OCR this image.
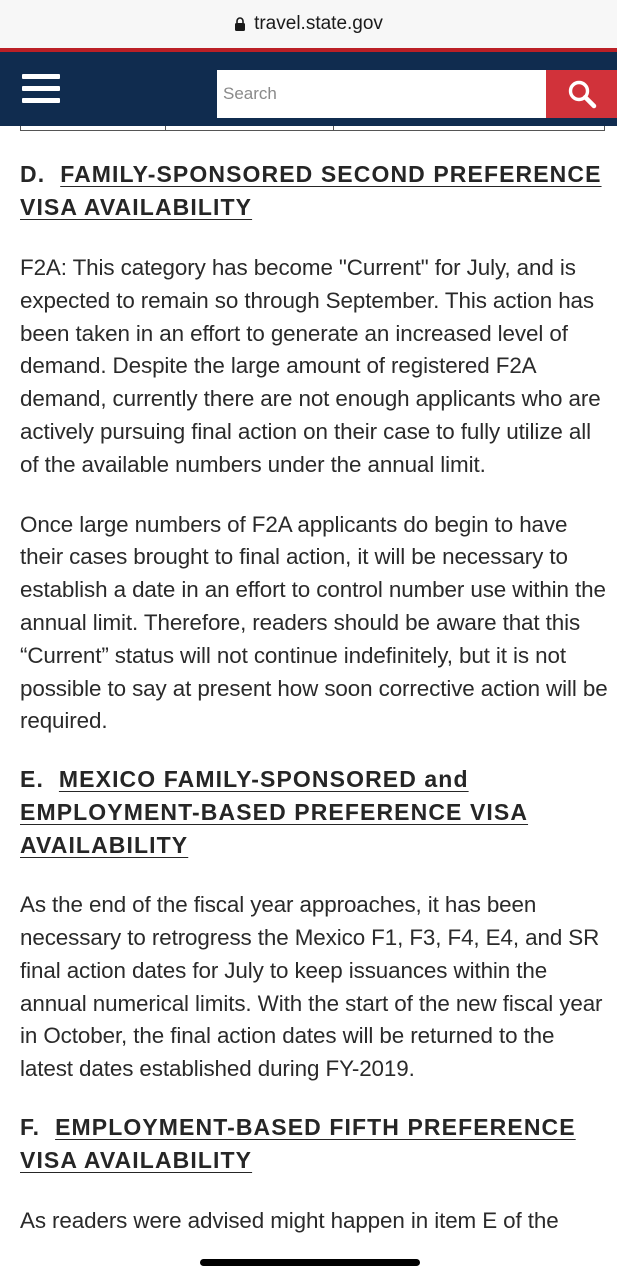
travel.state.gov
Search
D. FAMILY-SPONSORED SECOND PREFERENCE
VISA AVAILABILITY

F2A: This category has become "Current" for July, and is expected to remain so through September. This action has been taken in an effort to generate an increased level of demand. Despite the large amount of registered F2A demand, currently there are not enough applicants who are actively pursuing final action on their case to fully utilize all of the available numbers under the annual limit.

Once large numbers of F2A applicants do begin to have their cases brought to final action, it will be necessary to establish a date in an effort to control number use within the annual limit. Therefore, readers should be aware that this “Current” status will not continue indefinitely, but it is not possible to say at present how soon corrective action will be required.

E. MEXICO FAMILY-SPONSORED and
EMPLOYMENT-BASED PREFERENCE VISA
AVAILABILITY

As the end of the fiscal year approaches, it has been necessary to retrogress the Mexico F1, F3, F4, E4, and SR final action dates for July to keep issuances within the annual numerical limits. With the start of the new fiscal year in October, the final action dates will be returned to the latest dates established during FY-2019.

F. EMPLOYMENT-BASED FIFTH PREFERENCE
VISA AVAILABILITY

As readers were advised might happen in item E of the
